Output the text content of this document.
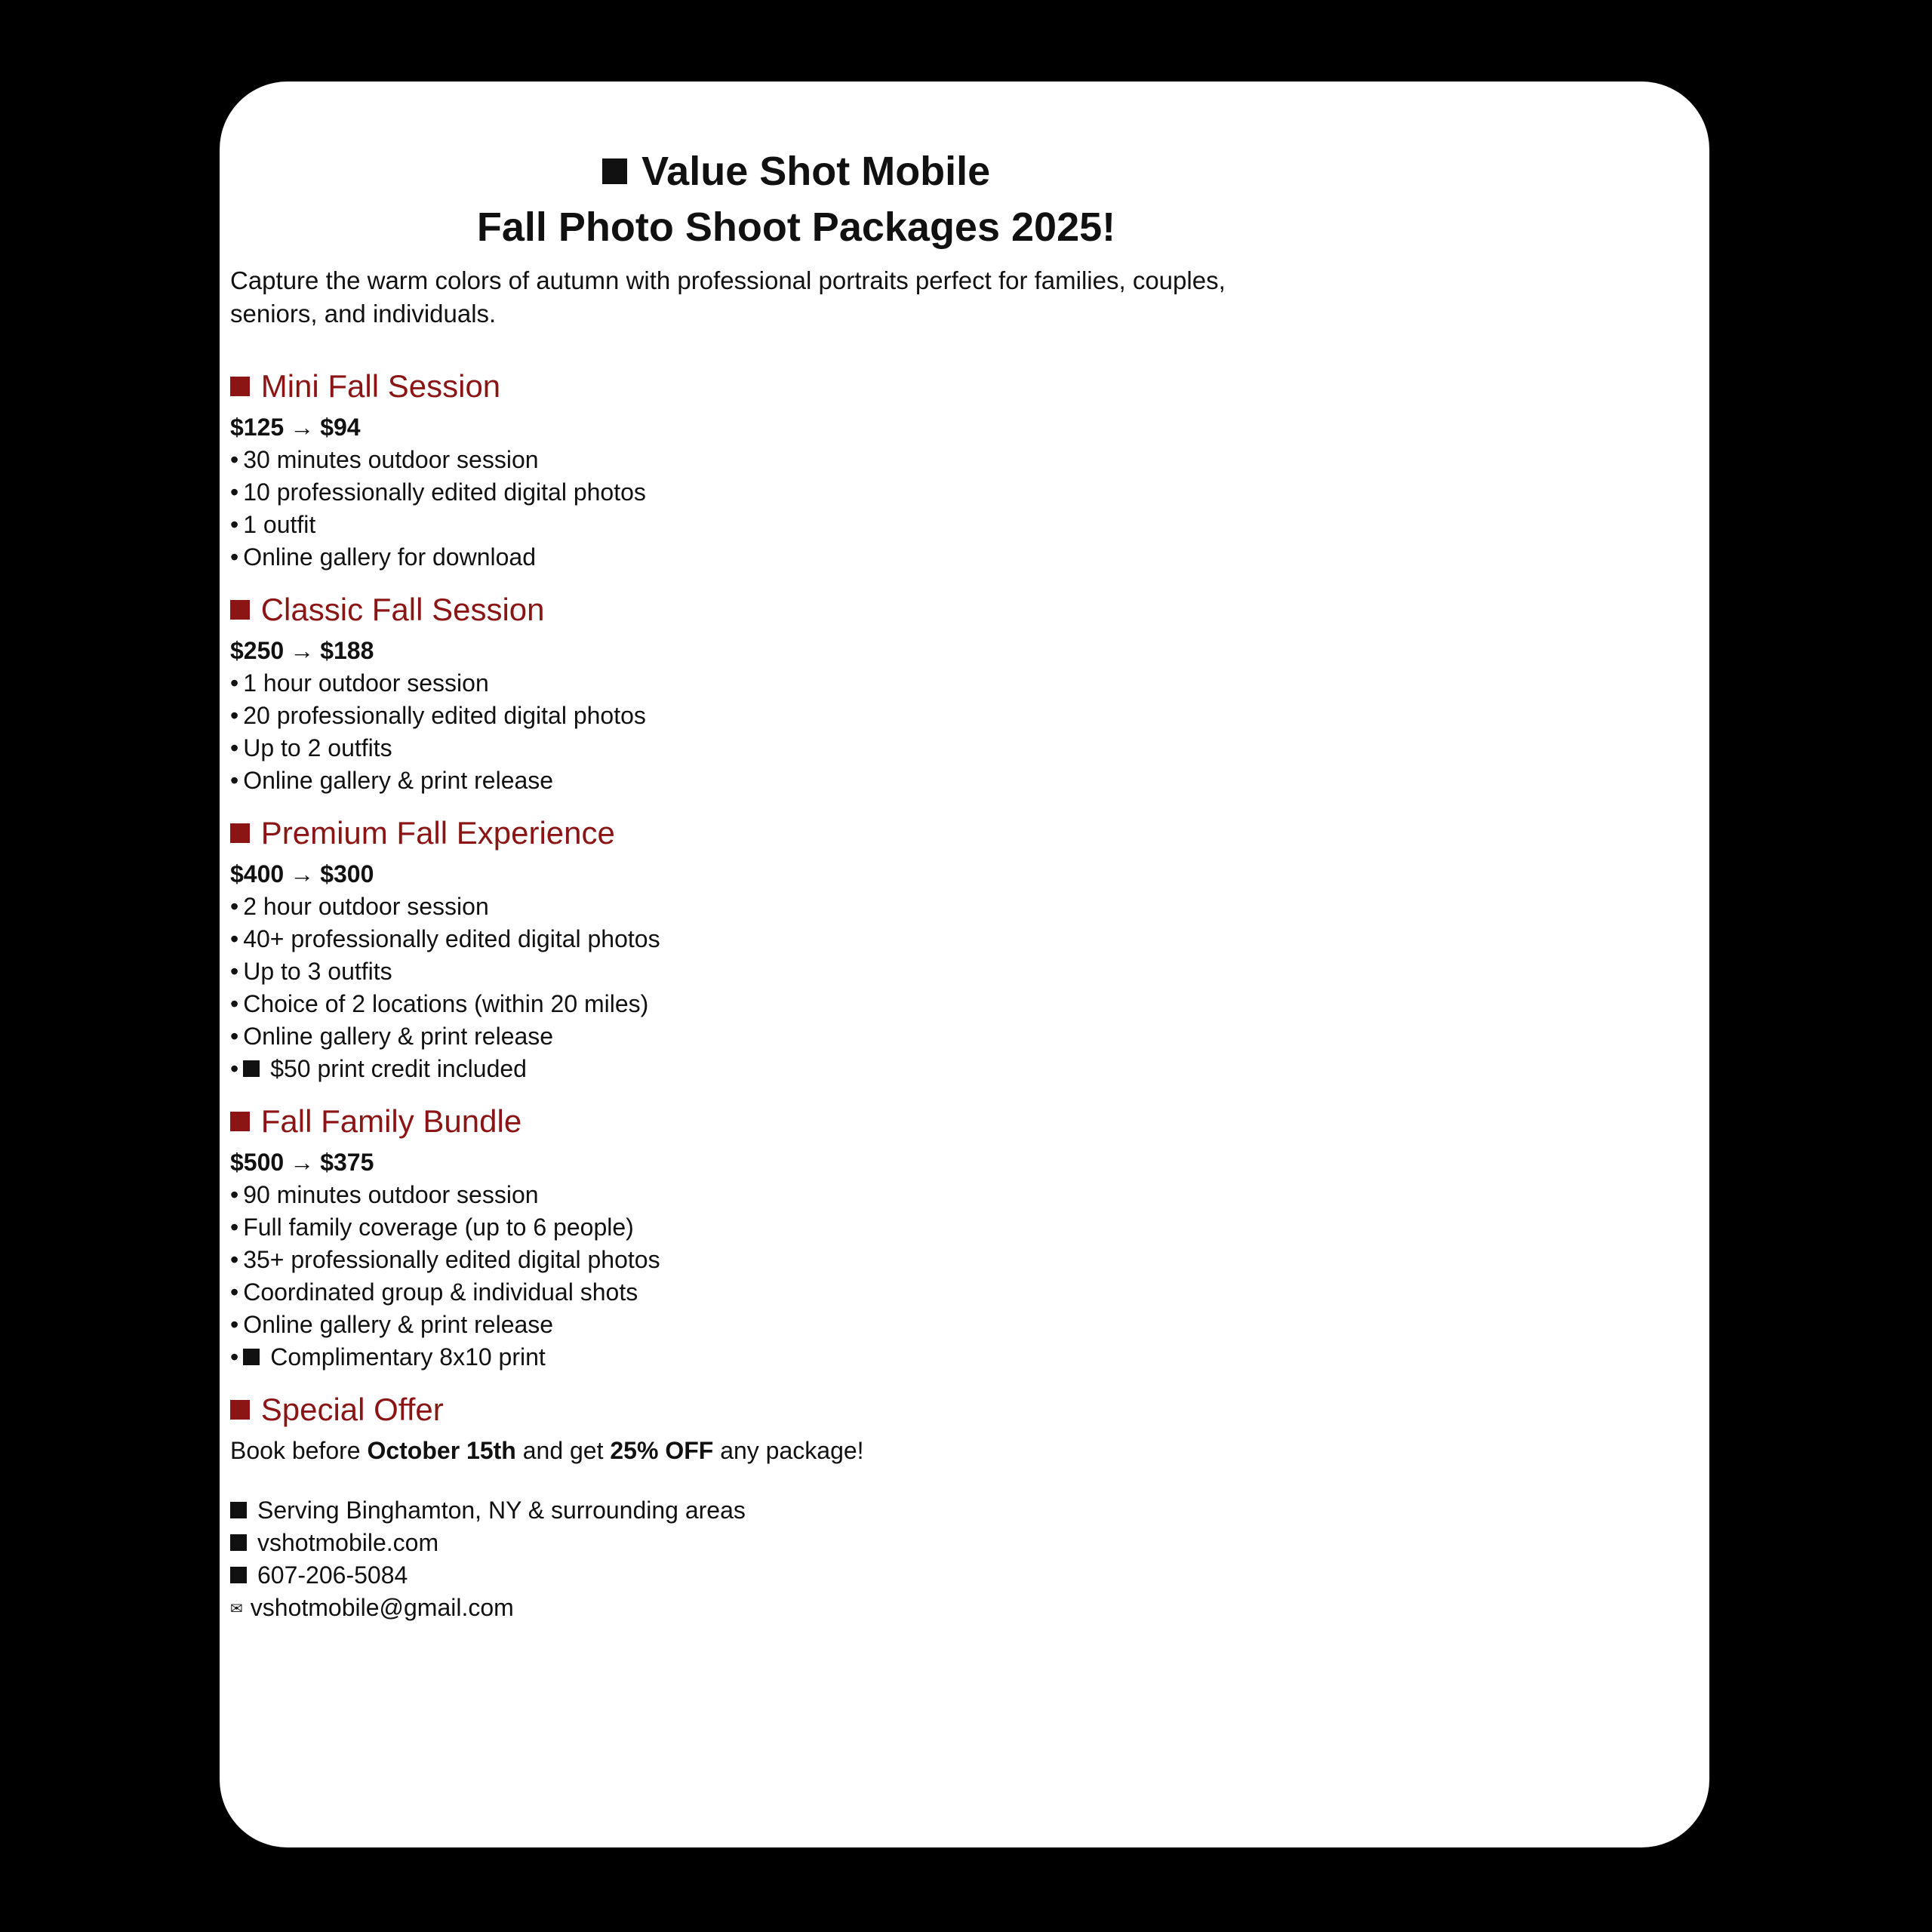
Value Shot Mobile
Fall Photo Shoot Packages 2025!

Capture the warm colors of autumn with professional portraits perfect for families, couples, seniors, and individuals.

Mini Fall Session
$125 → $94
• 30 minutes outdoor session
• 10 professionally edited digital photos
• 1 outfit
• Online gallery for download
Classic Fall Session
$250 → $188
• 1 hour outdoor session
• 20 professionally edited digital photos
• Up to 2 outfits
• Online gallery & print release
Premium Fall Experience
$400 → $300
• 2 hour outdoor session
• 40+ professionally edited digital photos
• Up to 3 outfits
• Choice of 2 locations (within 20 miles)
• Online gallery & print release
• $50 print credit included
Fall Family Bundle
$500 → $375
• 90 minutes outdoor session
• Full family coverage (up to 6 people)
• 35+ professionally edited digital photos
• Coordinated group & individual shots
• Online gallery & print release
• Complimentary 8x10 print
Special Offer
Book before October 15th and get 25% OFF any package!
Serving Binghamton, NY & surrounding areas
vshotmobile.com
607-206-5084
✉ vshotmobile@gmail.com
